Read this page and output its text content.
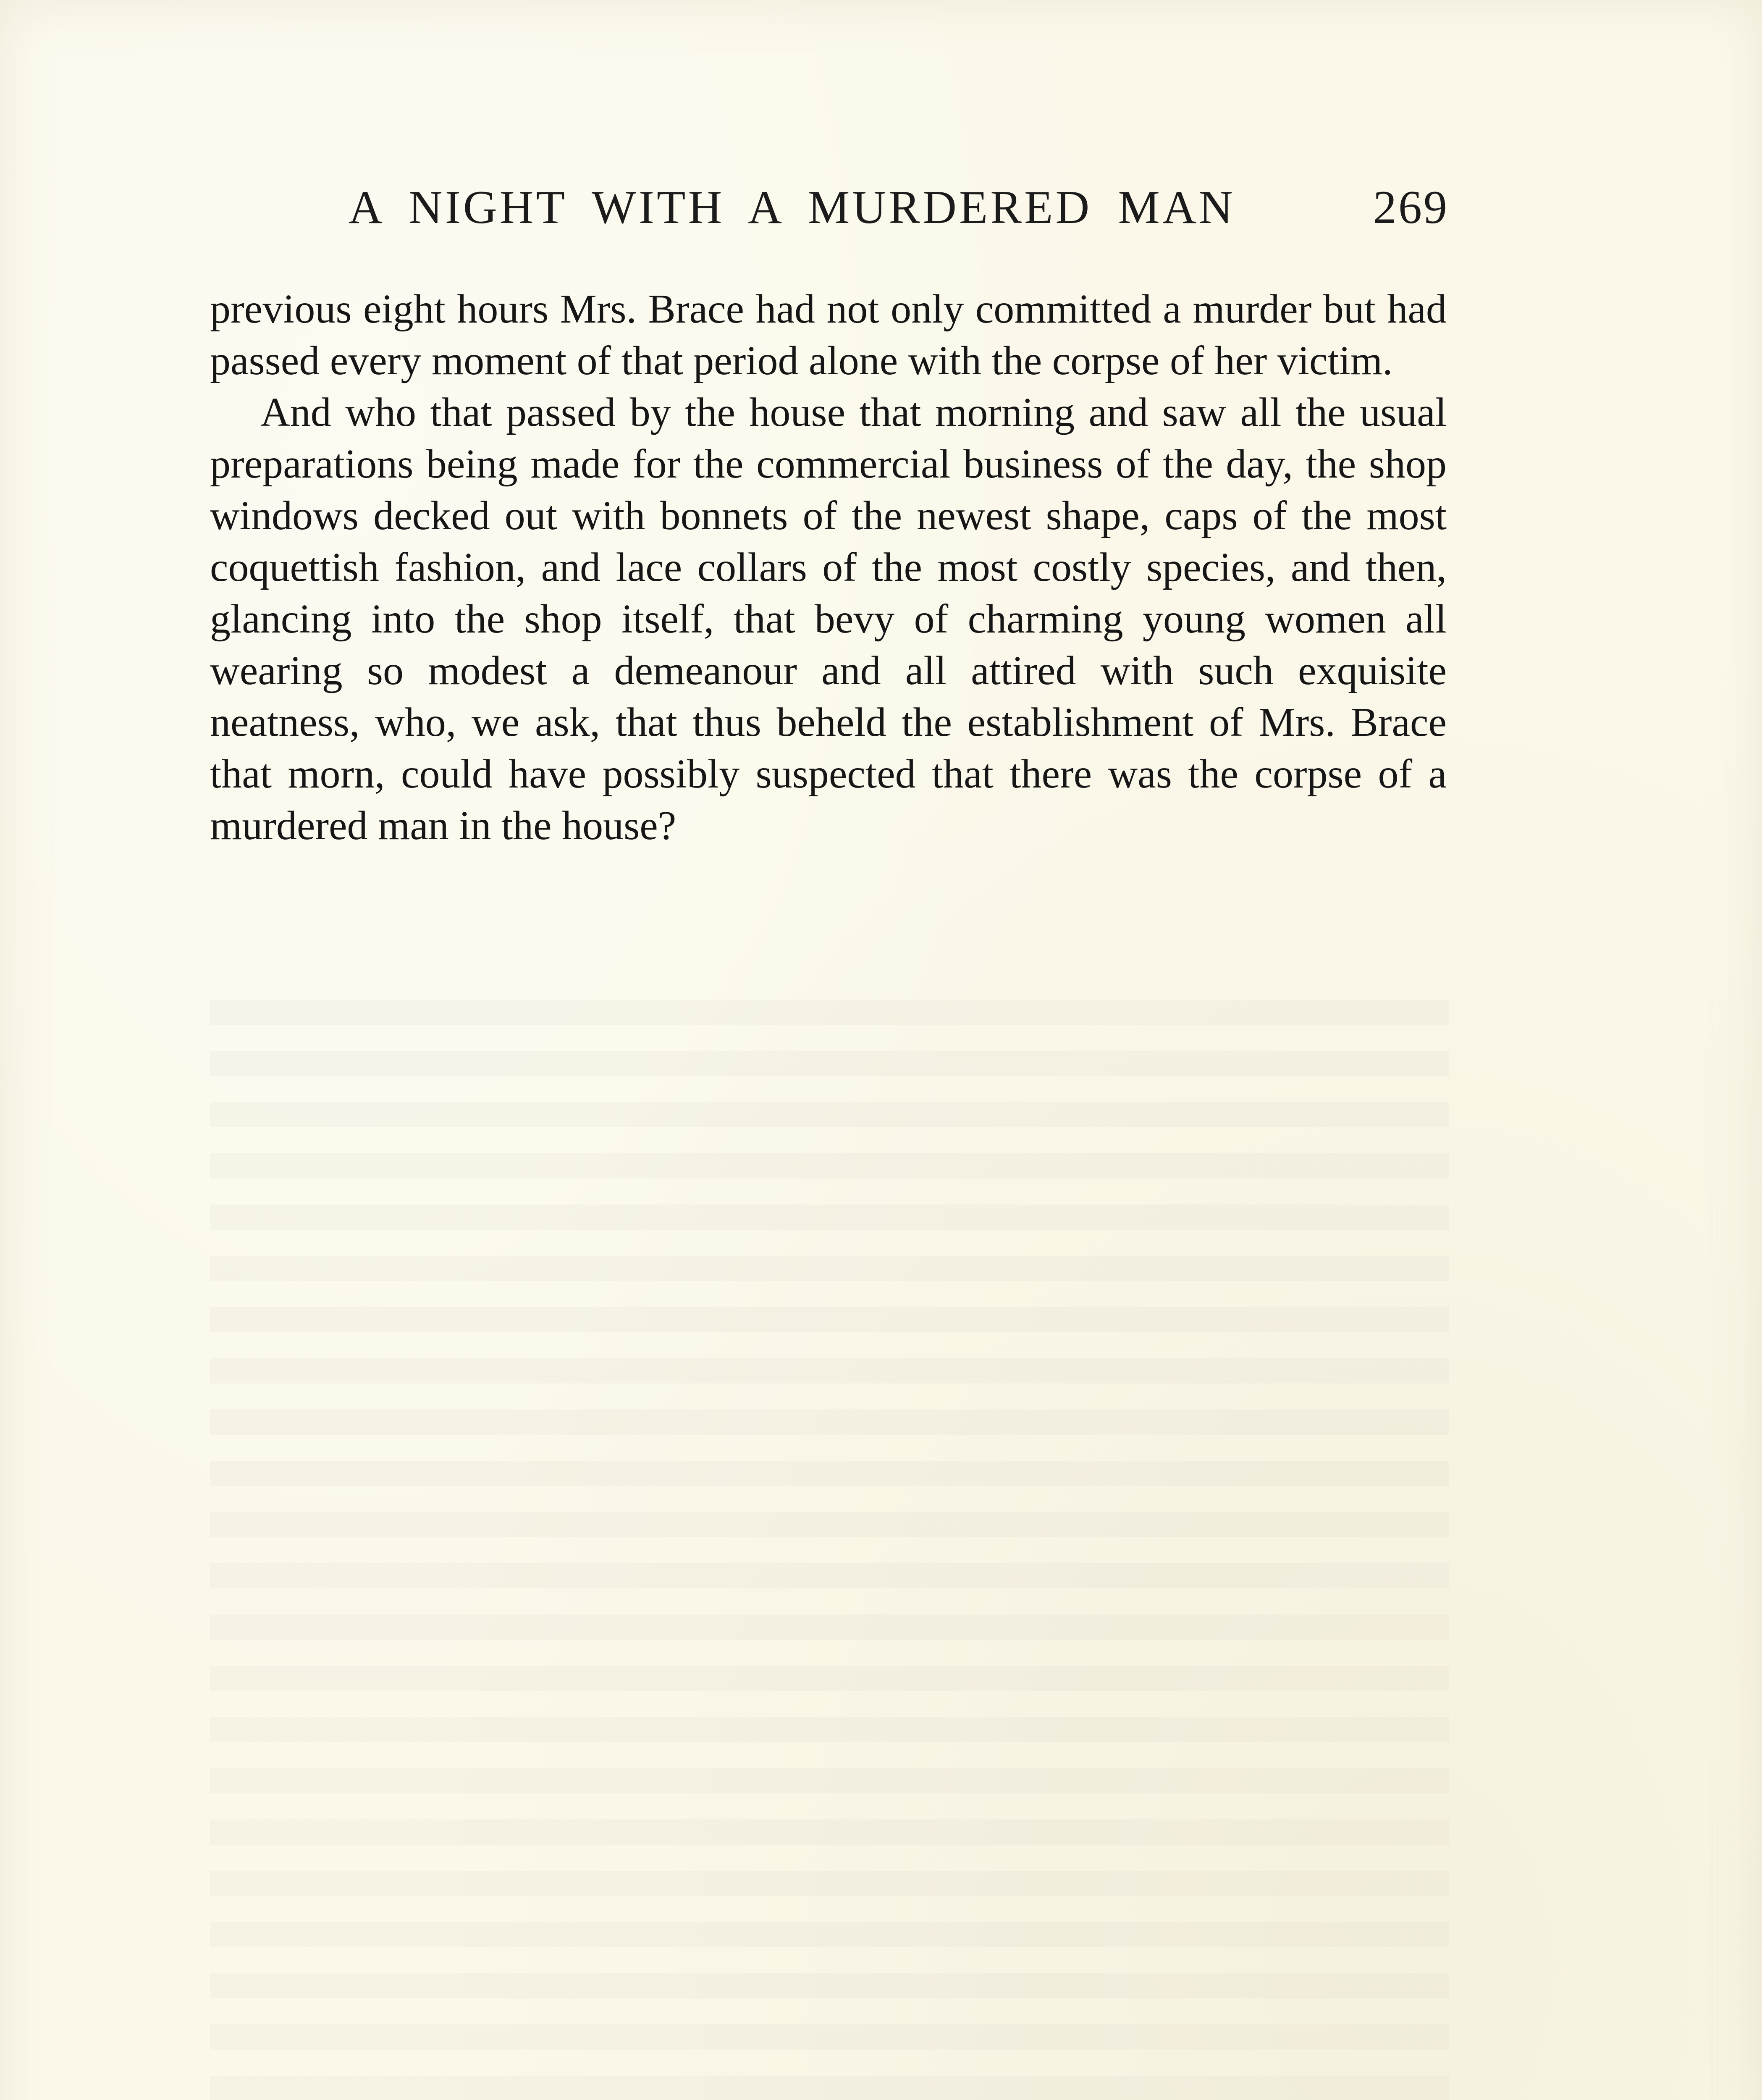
A NIGHT WITH A MURDERED MAN	269

previous eight hours Mrs. Brace had not only committed a murder but had passed every moment of that period alone with the corpse of her victim.

And who that passed by the house that morning and saw all the usual preparations being made for the commercial business of the day, the shop windows decked out with bonnets of the newest shape, caps of the most coquettish fashion, and lace collars of the most costly species, and then, glancing into the shop itself, that bevy of charming young women all wearing so modest a demeanour and all attired with such exquisite neatness, who, we ask, that thus beheld the establishment of Mrs. Brace that morn, could have possibly suspected that there was the corpse of a murdered man in the house?
